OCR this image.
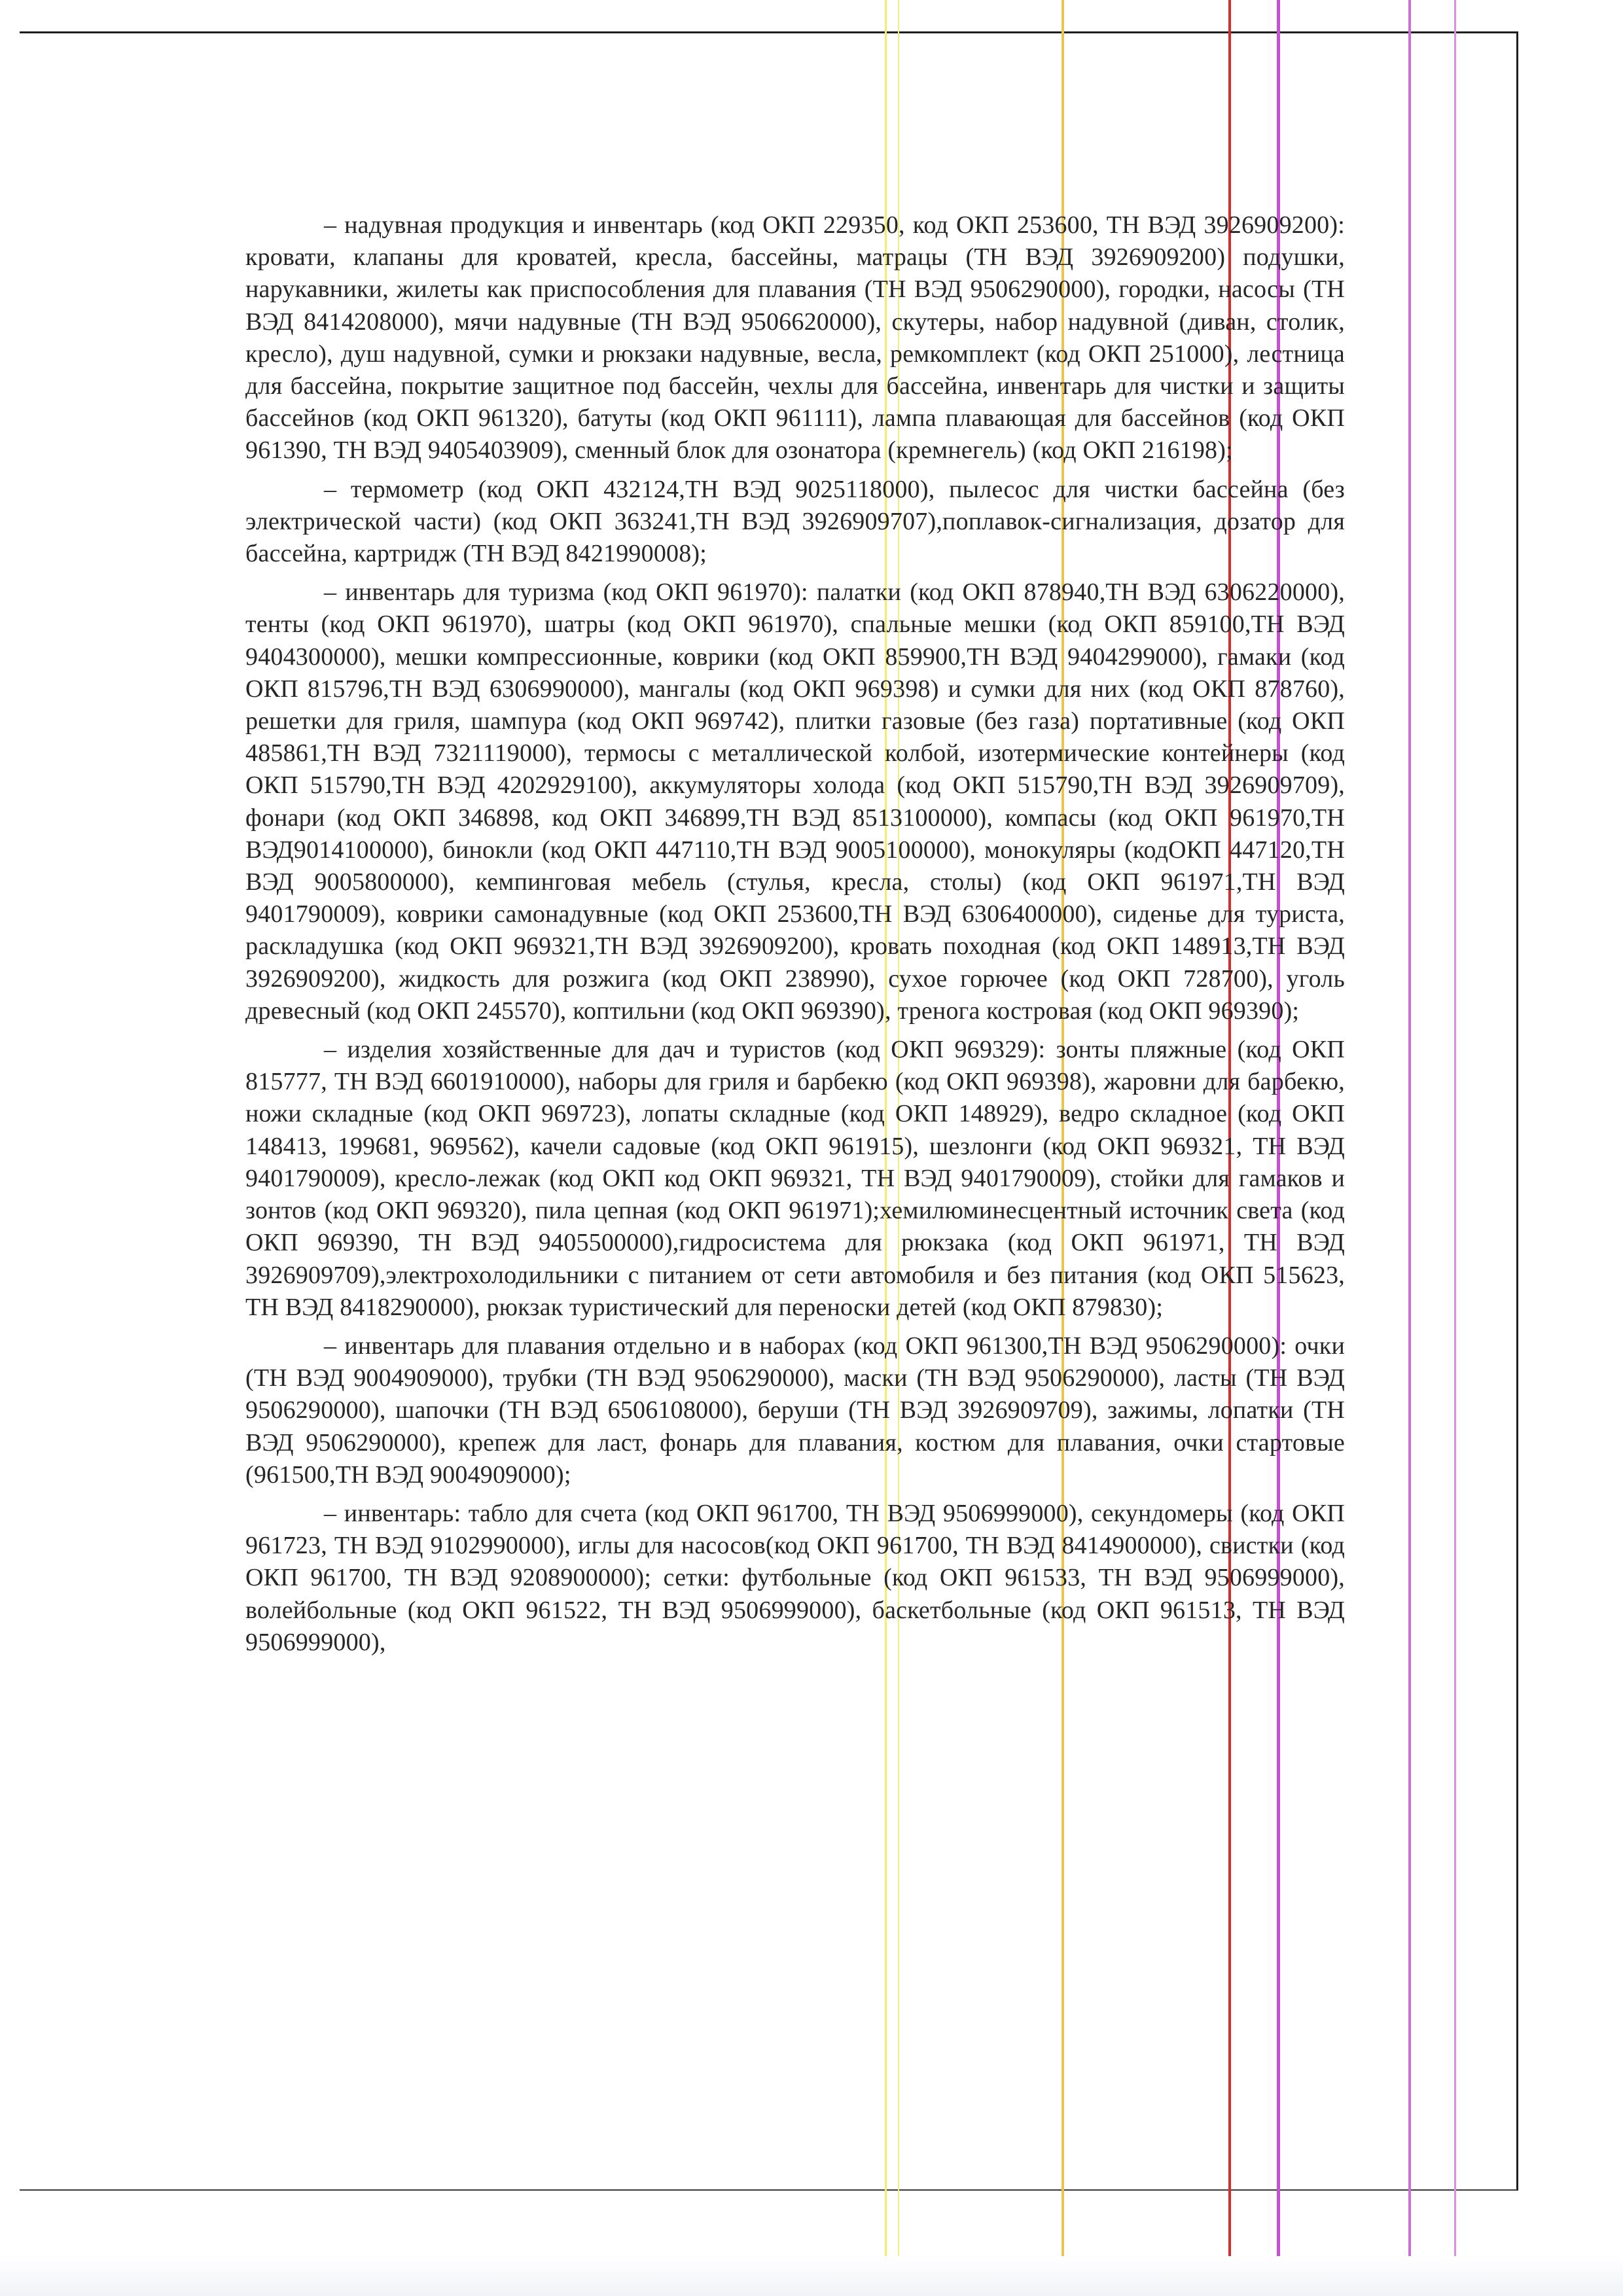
– надувная продукция и инвентарь (код ОКП 229350, код ОКП 253600, ТН ВЭД 3926909200): кровати, клапаны для кроватей, кресла, бассейны, матрацы (ТН ВЭД 3926909200) подушки, нарукавники, жилеты как приспособления для плавания (ТН ВЭД 9506290000), городки, насосы (ТН ВЭД 8414208000), мячи надувные (ТН ВЭД 9506620000), скутеры, набор надувной (диван, столик, кресло), душ надувной, сумки и рюкзаки надувные, весла, ремкомплект (код ОКП 251000), лестница для бассейна, покрытие защитное под бассейн, чехлы для бассейна, инвентарь для чистки и защиты бассейнов (код ОКП 961320), батуты (код ОКП 961111), лампа плавающая для бассейнов (код ОКП 961390, ТН ВЭД 9405403909), сменный блок для озонатора (кремнегель) (код ОКП 216198);

– термометр (код ОКП 432124,ТН ВЭД 9025118000), пылесос для чистки бассейна (без электрической части) (код ОКП 363241,ТН ВЭД 3926909707),поплавок-сигнализация, дозатор для бассейна, картридж (ТН ВЭД 8421990008);

– инвентарь для туризма (код ОКП 961970): палатки (код ОКП 878940,ТН ВЭД 6306220000), тенты (код ОКП 961970), шатры (код ОКП 961970), спальные мешки (код ОКП 859100,ТН ВЭД 9404300000), мешки компрессионные, коврики (код ОКП 859900,ТН ВЭД 9404299000), гамаки (код ОКП 815796,ТН ВЭД 6306990000), мангалы (код ОКП 969398) и сумки для них (код ОКП 878760), решетки для гриля, шампура (код ОКП 969742), плитки газовые (без газа) портативные (код ОКП 485861,ТН ВЭД 7321119000), термосы с металлической колбой, изотермические контейнеры (код ОКП 515790,ТН ВЭД 4202929100), аккумуляторы холода (код ОКП 515790,ТН ВЭД 3926909709), фонари (код ОКП 346898, код ОКП 346899,ТН ВЭД 8513100000), компасы (код ОКП 961970,ТН ВЭД9014100000), бинокли (код ОКП 447110,ТН ВЭД 9005100000), монокуляры (кодОКП 447120,ТН ВЭД 9005800000), кемпинговая мебель (стулья, кресла, столы) (код ОКП 961971,ТН ВЭД 9401790009), коврики самонадувные (код ОКП 253600,ТН ВЭД 6306400000), сиденье для туриста, раскладушка (код ОКП 969321,ТН ВЭД 3926909200), кровать походная (код ОКП 148913,ТН ВЭД 3926909200), жидкость для розжига (код ОКП 238990), сухое горючее (код ОКП 728700), уголь древесный (код ОКП 245570), коптильни (код ОКП 969390), тренога костровая (код ОКП 969390);

– изделия хозяйственные для дач и туристов (код ОКП 969329): зонты пляжные (код ОКП 815777, ТН ВЭД 6601910000), наборы для гриля и барбекю (код ОКП 969398), жаровни для барбекю, ножи складные (код ОКП 969723), лопаты складные (код ОКП 148929), ведро складное (код ОКП 148413, 199681, 969562), качели садовые (код ОКП 961915), шезлонги (код ОКП 969321, ТН ВЭД 9401790009), кресло-лежак (код ОКП код ОКП 969321, ТН ВЭД 9401790009), стойки для гамаков и зонтов (код ОКП 969320), пила цепная (код ОКП 961971);хемилюминесцентный источник света (код ОКП 969390, ТН ВЭД 9405500000),гидросистема для рюкзака (код ОКП 961971, ТН ВЭД 3926909709),электрохолодильники с питанием от сети автомобиля и без питания (код ОКП 515623, ТН ВЭД 8418290000), рюкзак туристический для переноски детей (код ОКП 879830);

– инвентарь для плавания отдельно и в наборах (код ОКП 961300,ТН ВЭД 9506290000): очки (ТН ВЭД 9004909000), трубки (ТН ВЭД 9506290000), маски (ТН ВЭД 9506290000), ласты (ТН ВЭД 9506290000), шапочки (ТН ВЭД 6506108000), беруши (ТН ВЭД 3926909709), зажимы, лопатки (ТН ВЭД 9506290000), крепеж для ласт, фонарь для плавания, костюм для плавания, очки стартовые (961500,ТН ВЭД 9004909000);

– инвентарь: табло для счета (код ОКП 961700, ТН ВЭД 9506999000), секундомеры (код ОКП 961723, ТН ВЭД 9102990000), иглы для насосов(код ОКП 961700, ТН ВЭД 8414900000), свистки (код ОКП 961700, ТН ВЭД 9208900000); сетки: футбольные (код ОКП 961533, ТН ВЭД 9506999000), волейбольные (код ОКП 961522, ТН ВЭД 9506999000), баскетбольные (код ОКП 961513, ТН ВЭД 9506999000),
